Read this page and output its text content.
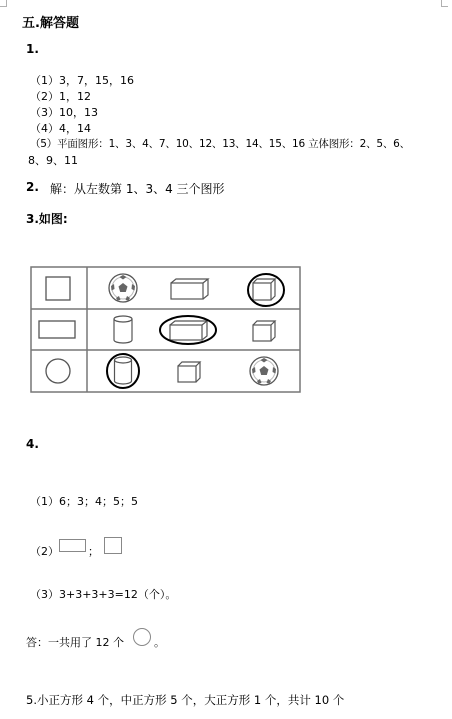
五.解答题
1.
（1）3，7，15，16
（2）1，12
（3）10，13
（4）4，14
（5）平面图形：1、3、4、7、10、12、13、14、15、16 立体图形：2、5、6、
8、9、11
2. 解：从左数第 1、3、4 三个图形
3.如图:
4.
（1）6；3；4；5；5
（2）	；
（3）3+3+3+3=12（个）。
答：一共用了 12 个	。
5.小正方形 4 个，中正方形 5 个，大正方形 1 个，共计 10 个
